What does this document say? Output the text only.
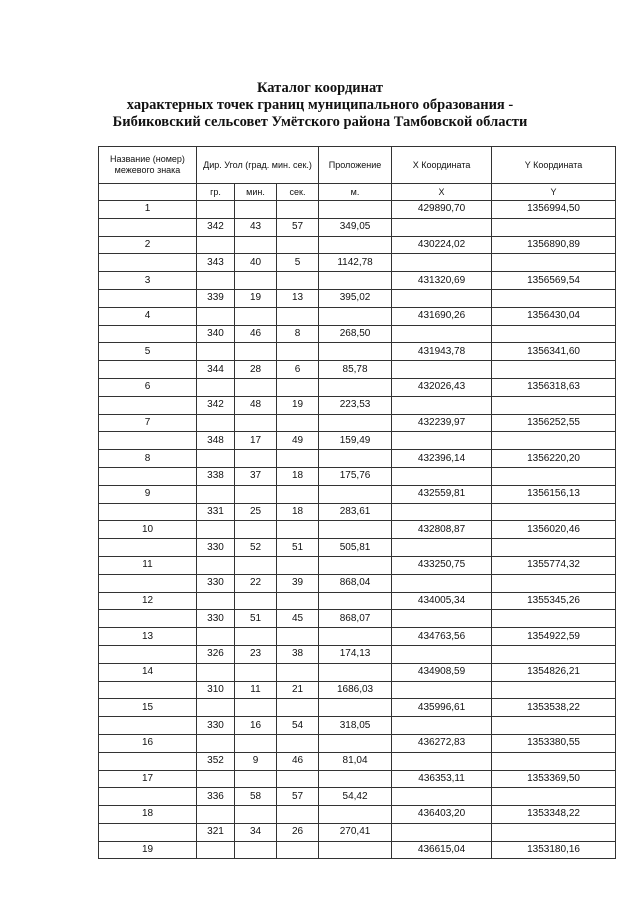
Каталог координат
характерных точек границ муниципального образования -
Бибиковский сельсовет Умётского района Тамбовской области
Название (номер) межевого знака	Дир. Угол (град. мин. сек.)			Проложение	X Координата	Y Координата
	гр.	мин.	сек.	м.	X	Y
1					429890,70	1356994,50
	342	43	57	349,05		
2					430224,02	1356890,89
	343	40	5	1142,78		
3					431320,69	1356569,54
	339	19	13	395,02		
4					431690,26	1356430,04
	340	46	8	268,50		
5					431943,78	1356341,60
	344	28	6	85,78		
6					432026,43	1356318,63
	342	48	19	223,53		
7					432239,97	1356252,55
	348	17	49	159,49		
8					432396,14	1356220,20
	338	37	18	175,76		
9					432559,81	1356156,13
	331	25	18	283,61		
10					432808,87	1356020,46
	330	52	51	505,81		
11					433250,75	1355774,32
	330	22	39	868,04		
12					434005,34	1355345,26
	330	51	45	868,07		
13					434763,56	1354922,59
	326	23	38	174,13		
14					434908,59	1354826,21
	310	11	21	1686,03		
15					435996,61	1353538,22
	330	16	54	318,05		
16					436272,83	1353380,55
	352	9	46	81,04		
17					436353,11	1353369,50
	336	58	57	54,42		
18					436403,20	1353348,22
	321	34	26	270,41		
19					436615,04	1353180,16
